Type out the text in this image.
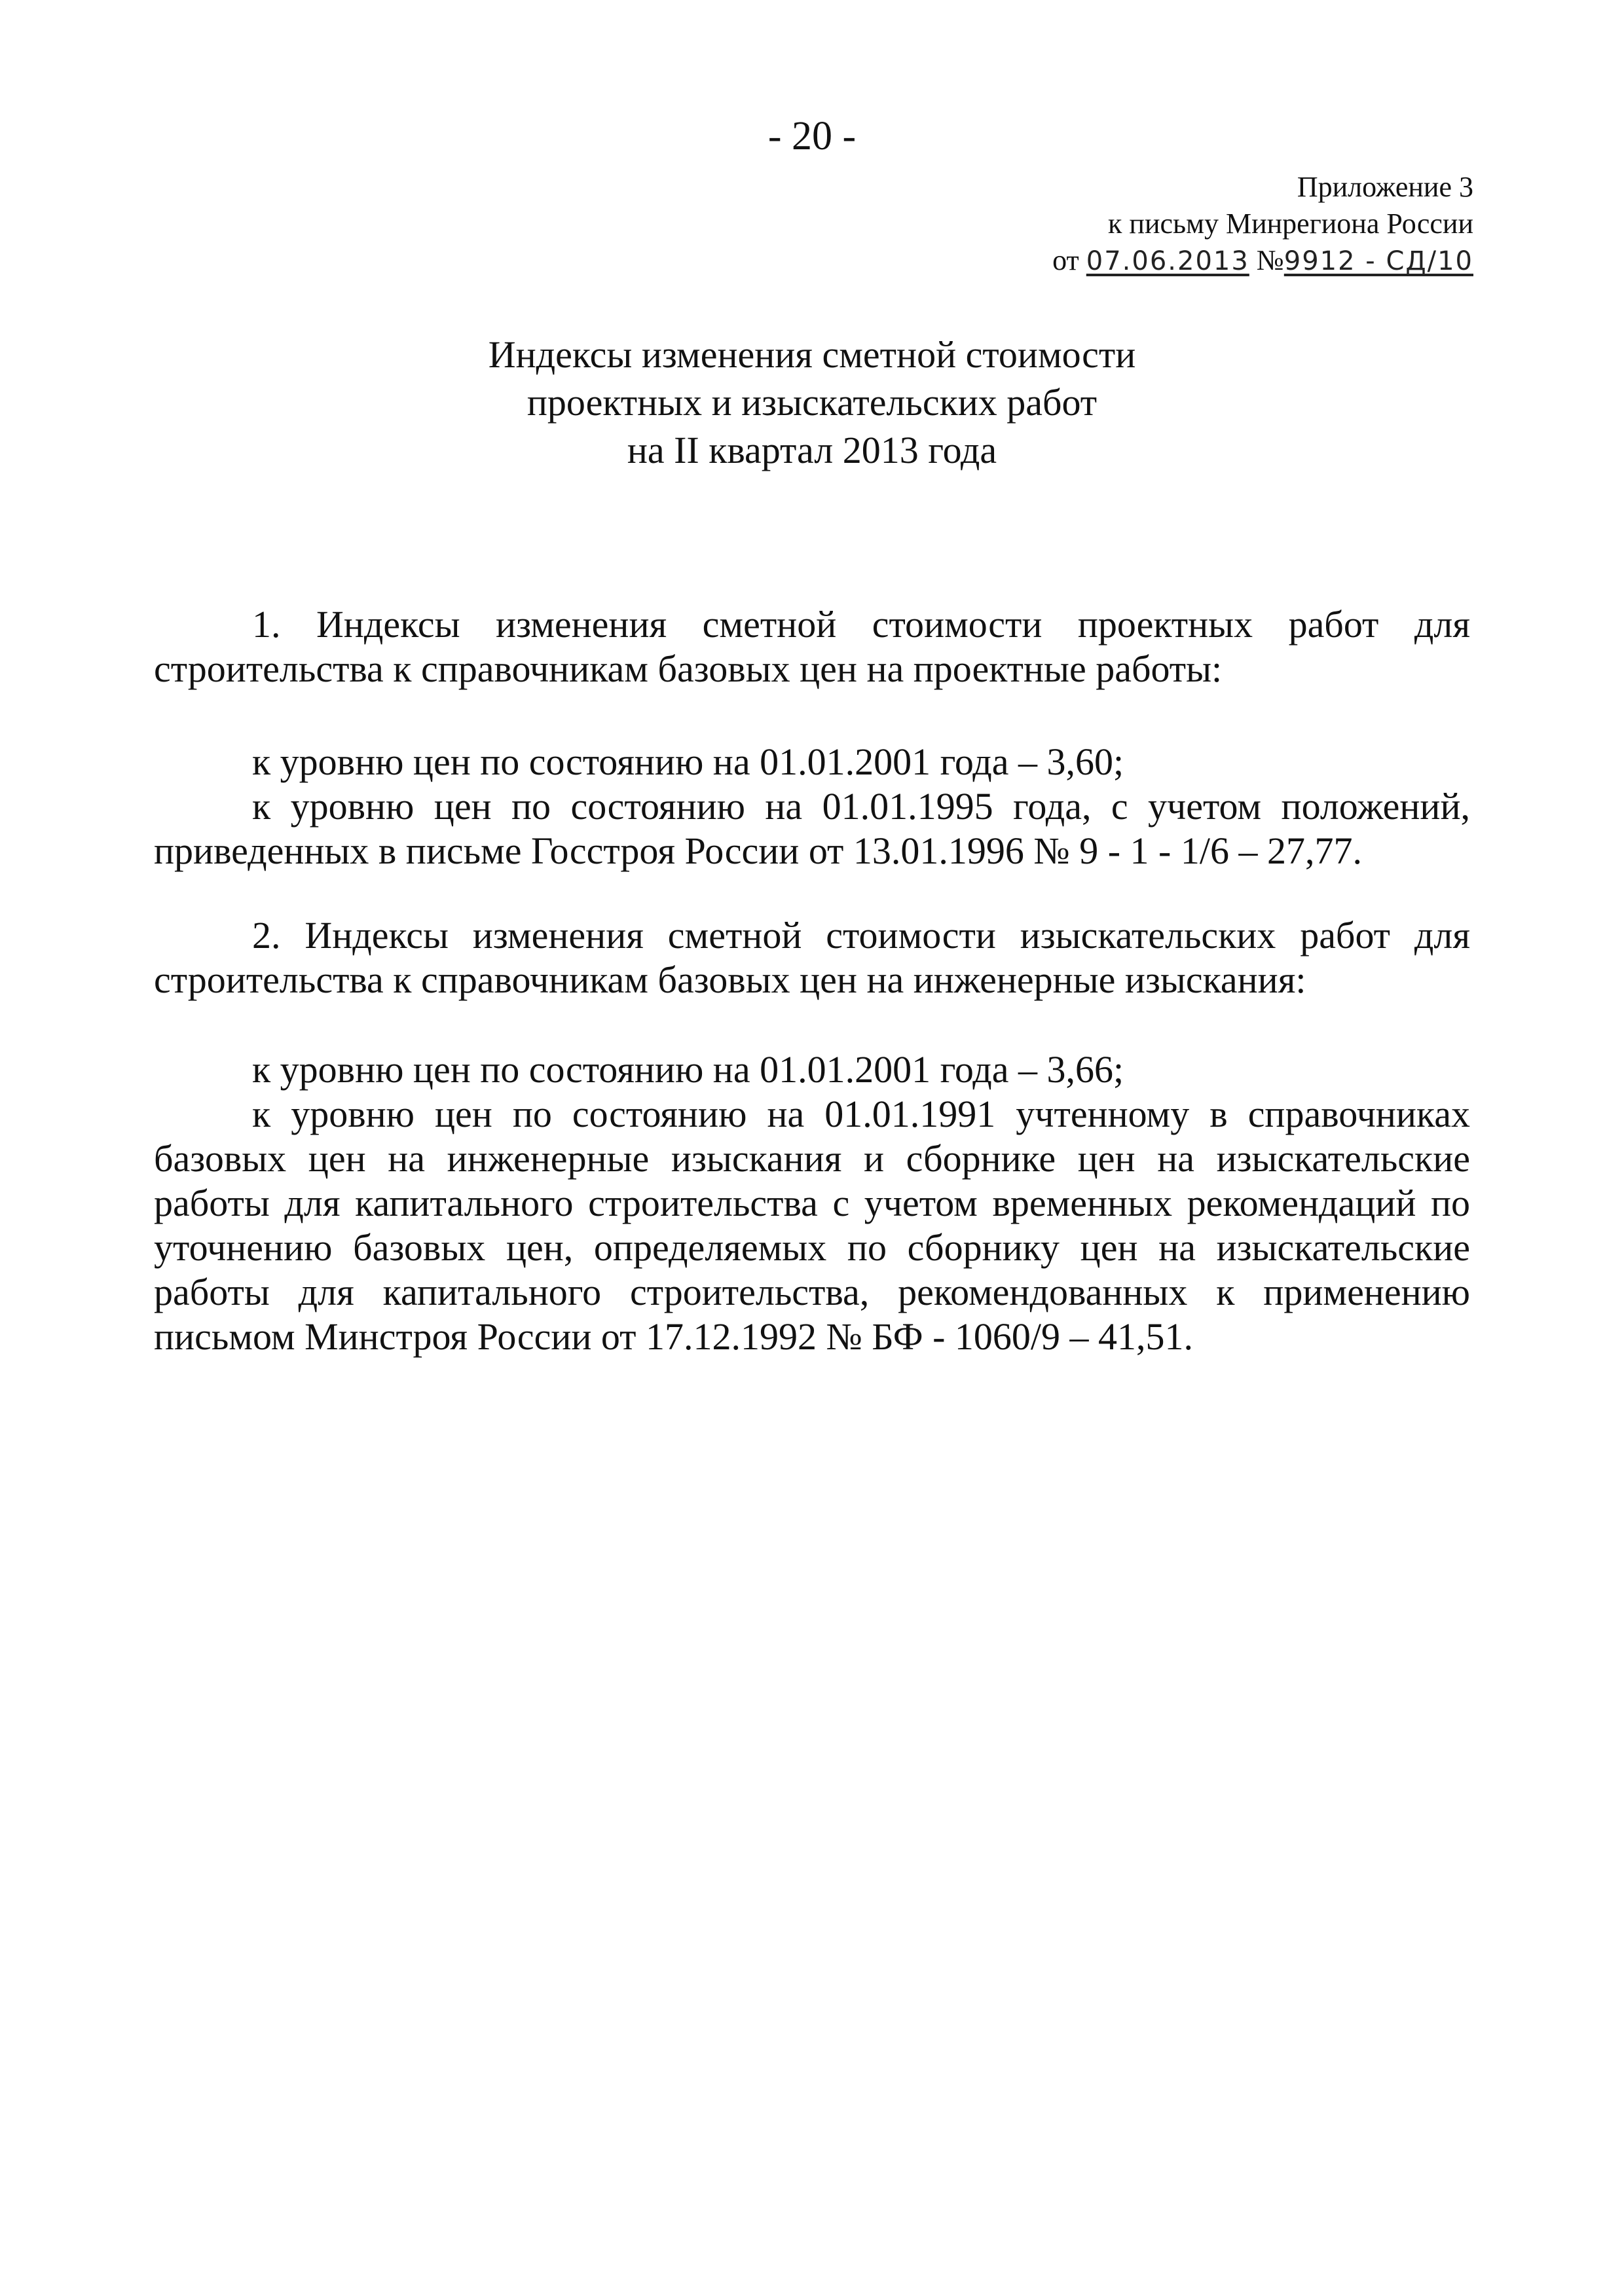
- 20 -
Приложение 3
к письму Минрегиона России
от 07.06.2013 №9912 - СД/10
Индексы изменения сметной стоимости
проектных и изыскательских работ
на II квартал 2013 года

1. Индексы изменения сметной стоимости проектных работ для строительства к справочникам базовых цен на проектные работы:

к уровню цен по состоянию на 01.01.2001 года – 3,60;

к уровню цен по состоянию на 01.01.1995 года, с учетом положений, приведенных в письме Госстроя России от 13.01.1996 № 9 - 1 - 1/6 – 27,77.

2. Индексы изменения сметной стоимости изыскательских работ для строительства к справочникам базовых цен на инженерные изыскания:

к уровню цен по состоянию на 01.01.2001 года – 3,66;

к уровню цен по состоянию на 01.01.1991 учтенному в справочниках базовых цен на инженерные изыскания и сборнике цен на изыскательские работы для капитального строительства с учетом временных рекомендаций по уточнению базовых цен, определяемых по сборнику цен на изыскательские работы для капитального строительства, рекомендованных к применению письмом Минстроя России от 17.12.1992 № БФ - 1060/9 – 41,51.
